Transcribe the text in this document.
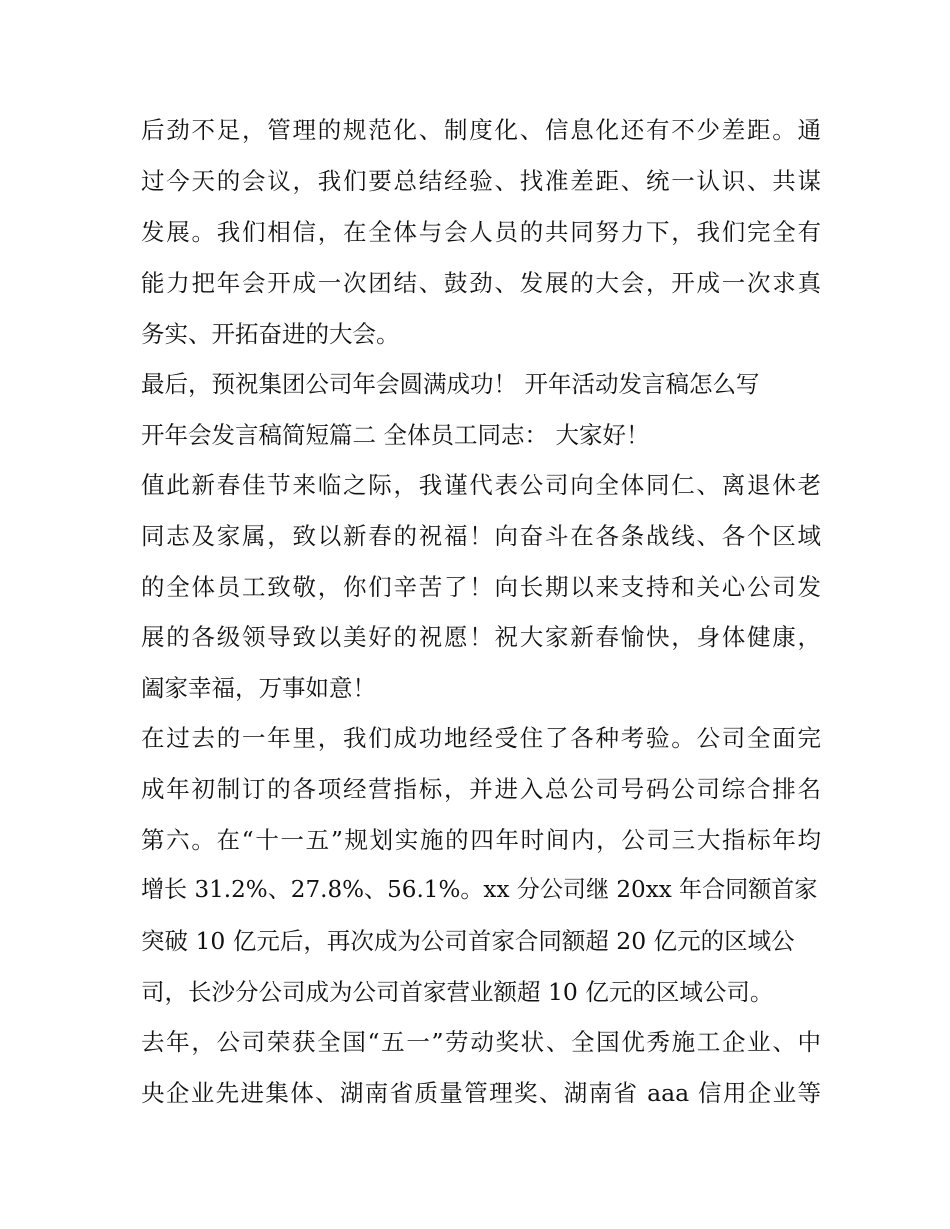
后劲不足，管理的规范化、制度化、信息化还有不少差距。通

过今天的会议，我们要总结经验、找准差距、统一认识、共谋

发展。我们相信，在全体与会人员的共同努力下，我们完全有

能力把年会开成一次团结、鼓劲、发展的大会，开成一次求真

务实、开拓奋进的大会。

最后，预祝集团公司年会圆满成功！ 开年活动发言稿怎么写

开年会发言稿简短篇二 全体员工同志： 大家好！

值此新春佳节来临之际，我谨代表公司向全体同仁、离退休老

同志及家属，致以新春的祝福！向奋斗在各条战线、各个区域

的全体员工致敬，你们辛苦了！向长期以来支持和关心公司发

展的各级领导致以美好的祝愿！祝大家新春愉快，身体健康，

阖家幸福，万事如意！

在过去的一年里，我们成功地经受住了各种考验。公司全面完

成年初制订的各项经营指标，并进入总公司号码公司综合排名

第六。在“十一五”规划实施的四年时间内，公司三大指标年均

增长 31.2%、27.8%、56.1%。xx 分公司继 20xx 年合同额首家

突破 10 亿元后，再次成为公司首家合同额超 20 亿元的区域公

司，长沙分公司成为公司首家营业额超 10 亿元的区域公司。

去年，公司荣获全国“五一”劳动奖状、全国优秀施工企业、中

央企业先进集体、湖南省质量管理奖、湖南省 aaa 信用企业等
